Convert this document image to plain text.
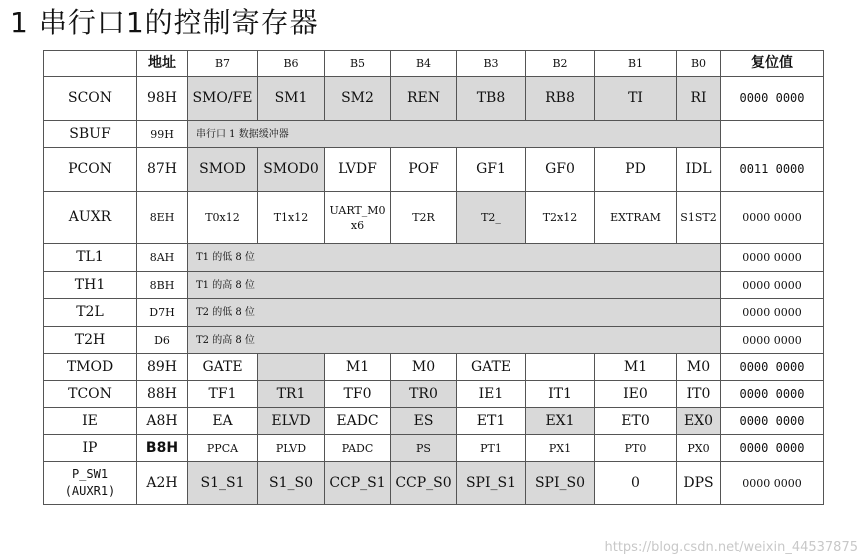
1 串行口1的控制寄存器
	地址	B7	B6	B5	B4	B3	B2	B1	B0	复位值
SCON	98H	SMO/FE	SM1	SM2	REN	TB8	RB8	TI	RI	0000 0000
SBUF	99H	串行口 1 数据缓冲器								
PCON	87H	SMOD	SMOD0	LVDF	POF	GF1	GF0	PD	IDL	0011 0000
AUXR	8EH	T0x12	T1x12	UART_M0x6	T2R	T2_	T2x12	EXTRAM	S1ST2	0000 0000
TL1	8AH	T1 的低 8 位								0000 0000
TH1	8BH	T1 的高 8 位								0000 0000
T2L	D7H	T2 的低 8 位								0000 0000
T2H	D6	T2 的高 8 位								0000 0000
TMOD	89H	GATE		M1	M0	GATE		M1	M0	0000 0000
TCON	88H	TF1	TR1	TF0	TR0	IE1	IT1	IE0	IT0	0000 0000
IE	A8H	EA	ELVD	EADC	ES	ET1	EX1	ET0	EX0	0000 0000
IP	B8H	PPCA	PLVD	PADC	PS	PT1	PX1	PT0	PX0	0000 0000

P_SW1
(AUXR1)	A2H	S1_S1	S1_S0	CCP_S1	CCP_S0	SPI_S1	SPI_S0	0	DPS	0000 0000
https://blog.csdn.net/weixin_44537875
